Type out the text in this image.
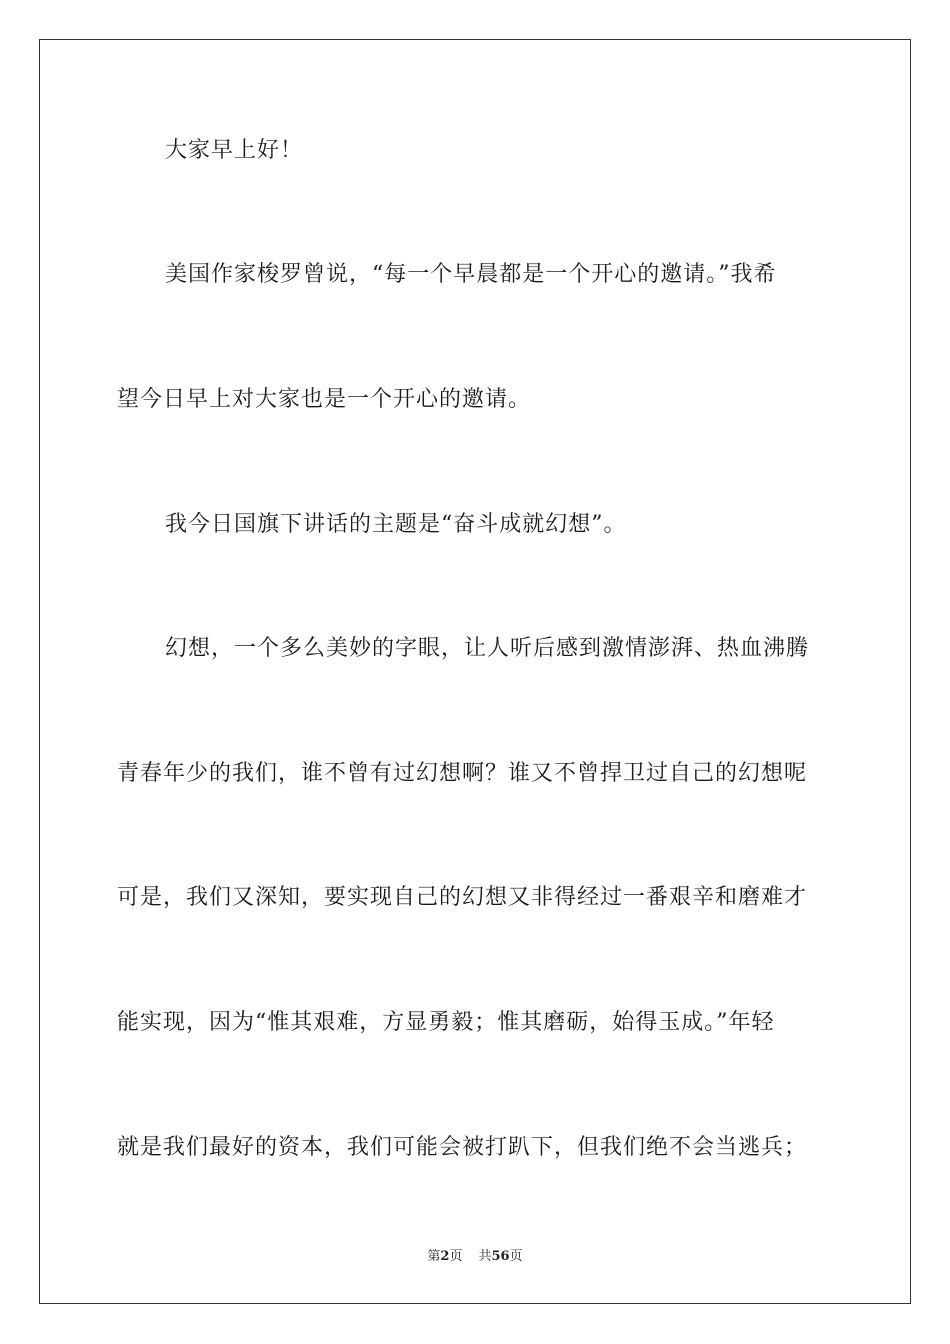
大家早上好！
美国作家梭罗曾说，“每一个早晨都是一个开心的邀请。”我希
望今日早上对大家也是一个开心的邀请。
我今日国旗下讲话的主题是“奋斗成就幻想”。
幻想，一个多么美妙的字眼，让人听后感到激情澎湃、热血沸腾
青春年少的我们，谁不曾有过幻想啊？谁又不曾捍卫过自己的幻想呢
可是，我们又深知，要实现自己的幻想又非得经过一番艰辛和磨难才
能实现，因为“惟其艰难，方显勇毅；惟其磨砺，始得玉成。”年轻
就是我们最好的资本，我们可能会被打趴下，但我们绝不会当逃兵；
第2页 共56页
